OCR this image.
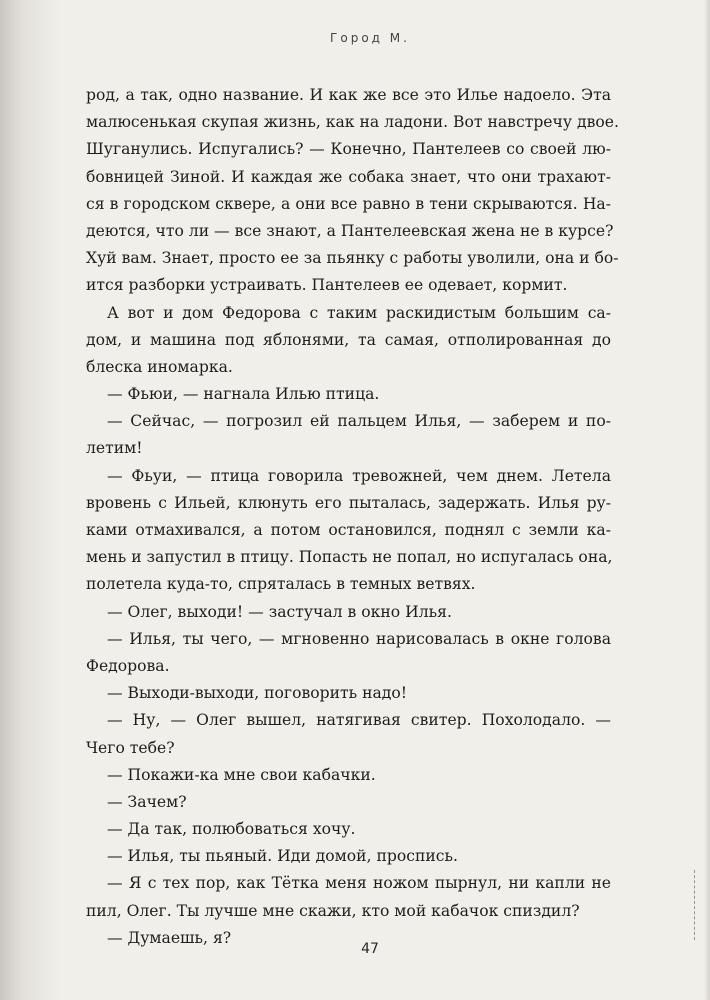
Город М.
род, а так, одно название. И как же все это Илье надоело. Эта
малюсенькая скупая жизнь, как на ладони. Вот навстречу двое.
Шуганулись. Испугались? — Конечно, Пантелеев со своей лю-
бовницей Зиной. И каждая же собака знает, что они трахают-
ся в городском сквере, а они все равно в тени скрываются. На-
деются, что ли — все знают, а Пантелеевская жена не в курсе?
Хуй вам. Знает, просто ее за пьянку с работы уволили, она и бо-
ится разборки устраивать. Пантелеев ее одевает, кормит.
А вот и дом Федорова с таким раскидистым большим са-
дом, и машина под яблонями, та самая, отполированная до
блеска иномарка.
— Фьюи, — нагнала Илью птица.
— Сейчас, — погрозил ей пальцем Илья, — заберем и по-
летим!
— Фьуи, — птица говорила тревожней, чем днем. Летела
вровень с Ильей, клюнуть его пыталась, задержать. Илья ру-
ками отмахивался, а потом остановился, поднял с земли ка-
мень и запустил в птицу. Попасть не попал, но испугалась она,
полетела куда-то, спряталась в темных ветвях.
— Олег, выходи! — застучал в окно Илья.
— Илья, ты чего, — мгновенно нарисовалась в окне голова
Федорова.
— Выходи-выходи, поговорить надо!
— Ну, — Олег вышел, натягивая свитер. Похолодало. —
Чего тебе?
— Покажи-ка мне свои кабачки.
— Зачем?
— Да так, полюбоваться хочу.
— Илья, ты пьяный. Иди домой, проспись.
— Я с тех пор, как Тётка меня ножом пырнул, ни капли не
пил, Олег. Ты лучше мне скажи, кто мой кабачок спиздил?
— Думаешь, я?
47
